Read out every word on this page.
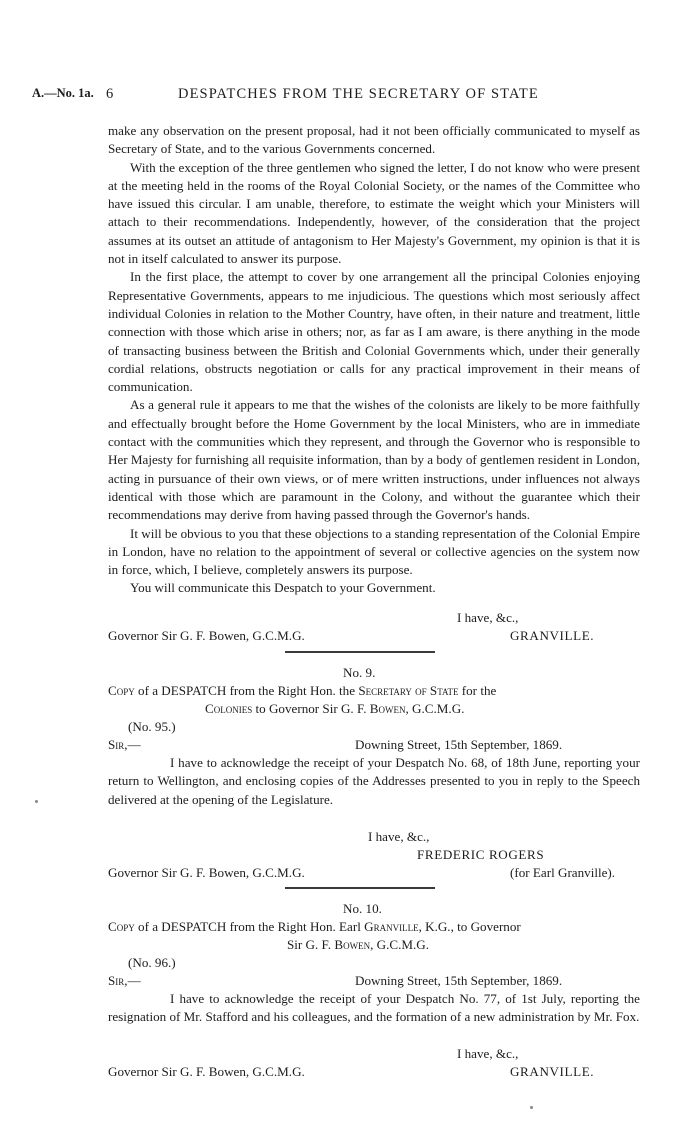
A.—No. 1a. 6	DESPATCHES FROM THE SECRETARY OF STATE

make any observation on the present proposal, had it not been officially communicated to myself as Secretary of State, and to the various Governments concerned.

With the exception of the three gentlemen who signed the letter, I do not know who were present at the meeting held in the rooms of the Royal Colonial Society, or the names of the Committee who have issued this circular. I am unable, therefore, to estimate the weight which your Ministers will attach to their recommendations. Independently, however, of the consideration that the project assumes at its outset an attitude of antagonism to Her Majesty's Government, my opinion is that it is not in itself calculated to answer its purpose.

In the first place, the attempt to cover by one arrangement all the principal Colonies enjoying Representative Governments, appears to me injudicious. The questions which most seriously affect individual Colonies in relation to the Mother Country, have often, in their nature and treatment, little connection with those which arise in others; nor, as far as I am aware, is there anything in the mode of transacting business between the British and Colonial Governments which, under their generally cordial relations, obstructs negotiation or calls for any practical improvement in their means of communication.

As a general rule it appears to me that the wishes of the colonists are likely to be more faithfully and effectually brought before the Home Government by the local Ministers, who are in immediate contact with the communities which they represent, and through the Governor who is responsible to Her Majesty for furnishing all requisite information, than by a body of gentlemen resident in London, acting in pursuance of their own views, or of mere written instructions, under influences not always identical with those which are paramount in the Colony, and without the guarantee which their recommendations may derive from having passed through the Governor's hands.

It will be obvious to you that these objections to a standing representation of the Colonial Empire in London, have no relation to the appointment of several or collective agencies on the system now in force, which, I believe, completely answers its purpose.

You will communicate this Despatch to your Government.

I have, &c.,
Governor Sir G. F. Bowen, G.C.M.G.	GRANVILLE.
No. 9.
Copy of a DESPATCH from the Right Hon. the Secretary of State for the
Colonies to Governor Sir G. F. Bowen, G.C.M.G.
(No. 95.)
Sir,—	Downing Street, 15th September, 1869.

I have to acknowledge the receipt of your Despatch No. 68, of 18th June, reporting your return to Wellington, and enclosing copies of the Addresses presented to you in reply to the Speech delivered at the opening of the Legislature.

I have, &c.,
FREDERIC ROGERS
Governor Sir G. F. Bowen, G.C.M.G.	(for Earl Granville).
No. 10.
Copy of a DESPATCH from the Right Hon. Earl Granville, K.G., to Governor
Sir G. F. Bowen, G.C.M.G.
(No. 96.)
Sir,—	Downing Street, 15th September, 1869.

I have to acknowledge the receipt of your Despatch No. 77, of 1st July, reporting the resignation of Mr. Stafford and his colleagues, and the formation of a new administration by Mr. Fox.

I have, &c.,
Governor Sir G. F. Bowen, G.C.M.G.	GRANVILLE.
